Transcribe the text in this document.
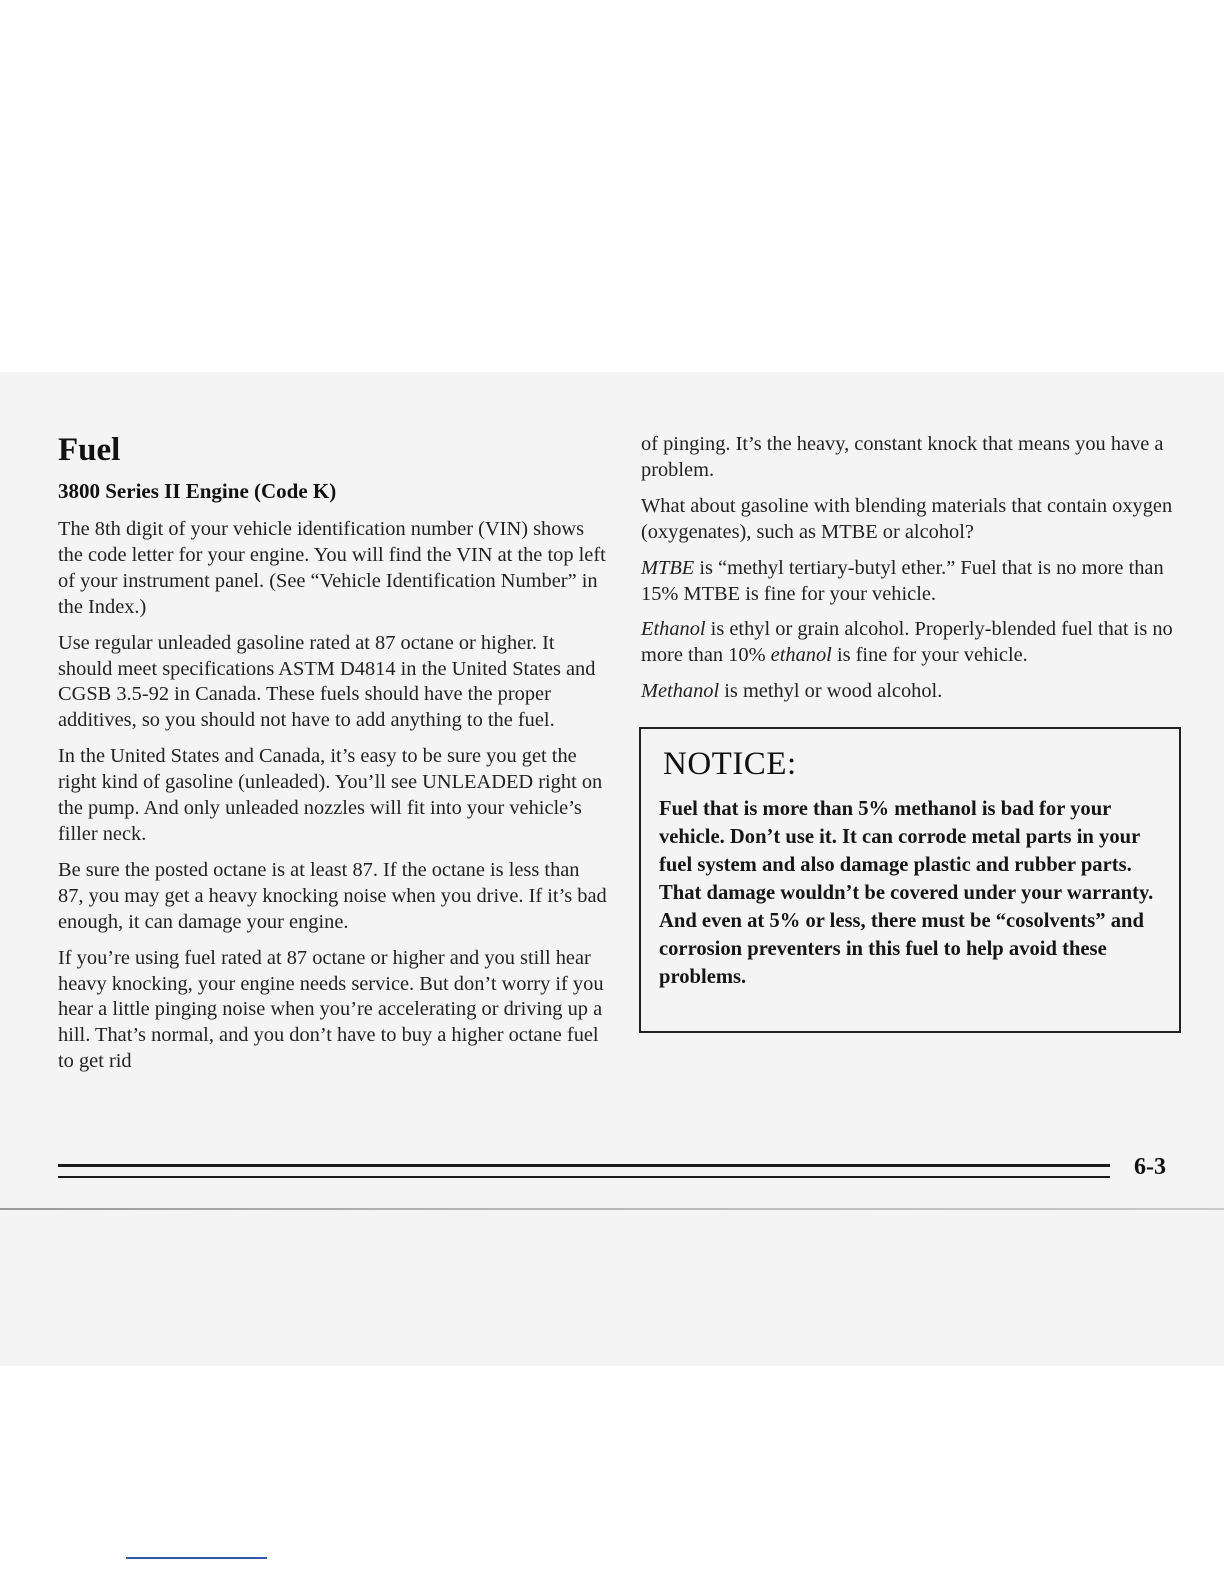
Fuel
3800 Series II Engine (Code K)

The 8th digit of your vehicle identification number (VIN) shows the code letter for your engine. You will find the VIN at the top left of your instrument panel. (See “Vehicle Identification Number” in the Index.)

Use regular unleaded gasoline rated at 87 octane or higher. It should meet specifications ASTM D4814 in the United States and CGSB 3.5-92 in Canada. These fuels should have the proper additives, so you should not have to add anything to the fuel.

In the United States and Canada, it’s easy to be sure you get the right kind of gasoline (unleaded). You’ll see UNLEADED right on the pump. And only unleaded nozzles will fit into your vehicle’s filler neck.

Be sure the posted octane is at least 87. If the octane is less than 87, you may get a heavy knocking noise when you drive. If it’s bad enough, it can damage your engine.

If you’re using fuel rated at 87 octane or higher and you still hear heavy knocking, your engine needs service. But don’t worry if you hear a little pinging noise when you’re accelerating or driving up a hill. That’s normal, and you don’t have to buy a higher octane fuel to get rid

of pinging. It’s the heavy, constant knock that means you have a problem.

What about gasoline with blending materials that contain oxygen (oxygenates), such as MTBE or alcohol?

MTBE is “methyl tertiary-butyl ether.” Fuel that is no more than 15% MTBE is fine for your vehicle.

Ethanol is ethyl or grain alcohol. Properly-blended fuel that is no more than 10% ethanol is fine for your vehicle.

Methanol is methyl or wood alcohol.

NOTICE:

Fuel that is more than 5% methanol is bad for your vehicle. Don’t use it. It can corrode metal parts in your fuel system and also damage plastic and rubber parts. That damage wouldn’t be covered under your warranty. And even at 5% or less, there must be “cosolvents” and corrosion preventers in this fuel to help avoid these problems.

6-3
